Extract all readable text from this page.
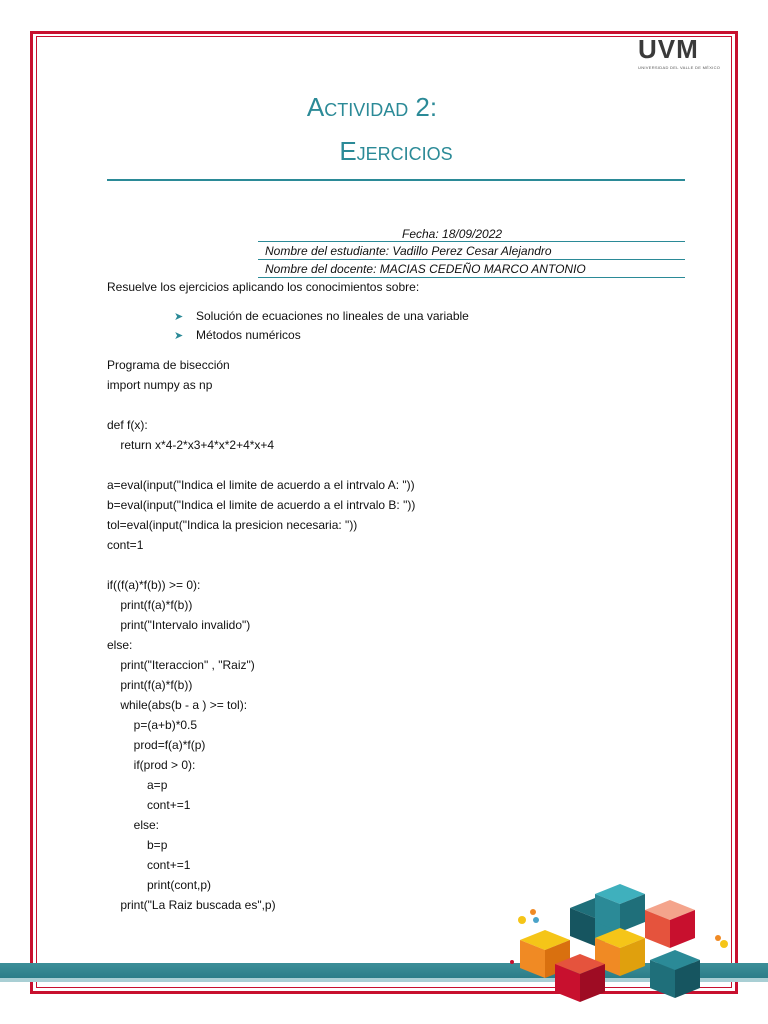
UVM
UNIVERSIDAD DEL VALLE DE MÉXICO
Actividad 2:
Ejercicios
Fecha: 18/09/2022
Nombre del estudiante: Vadillo Perez Cesar Alejandro
Nombre del docente: MACIAS CEDEÑO MARCO ANTONIO
Resuelve los ejercicios aplicando los conocimientos sobre:
➤ Solución de ecuaciones no lineales de una variable
➤ Métodos numéricos
Programa de bisección
import numpy as np
def f(x):
return x*4-2*x3+4*x*2+4*x+4
a=eval(input("Indica el limite de acuerdo a el intrvalo A: "))
b=eval(input("Indica el limite de acuerdo a el intrvalo B: "))
tol=eval(input("Indica la presicion necesaria: "))
cont=1
if((f(a)*f(b)) >= 0):
print(f(a)*f(b))
print("Intervalo invalido")
else:
print("Iteraccion" , "Raiz")
print(f(a)*f(b))
while(abs(b - a ) >= tol):
p=(a+b)*0.5
prod=f(a)*f(p)
if(prod > 0):
a=p
cont+=1
else:
b=p
cont+=1
print(cont,p)
print("La Raiz buscada es",p)
